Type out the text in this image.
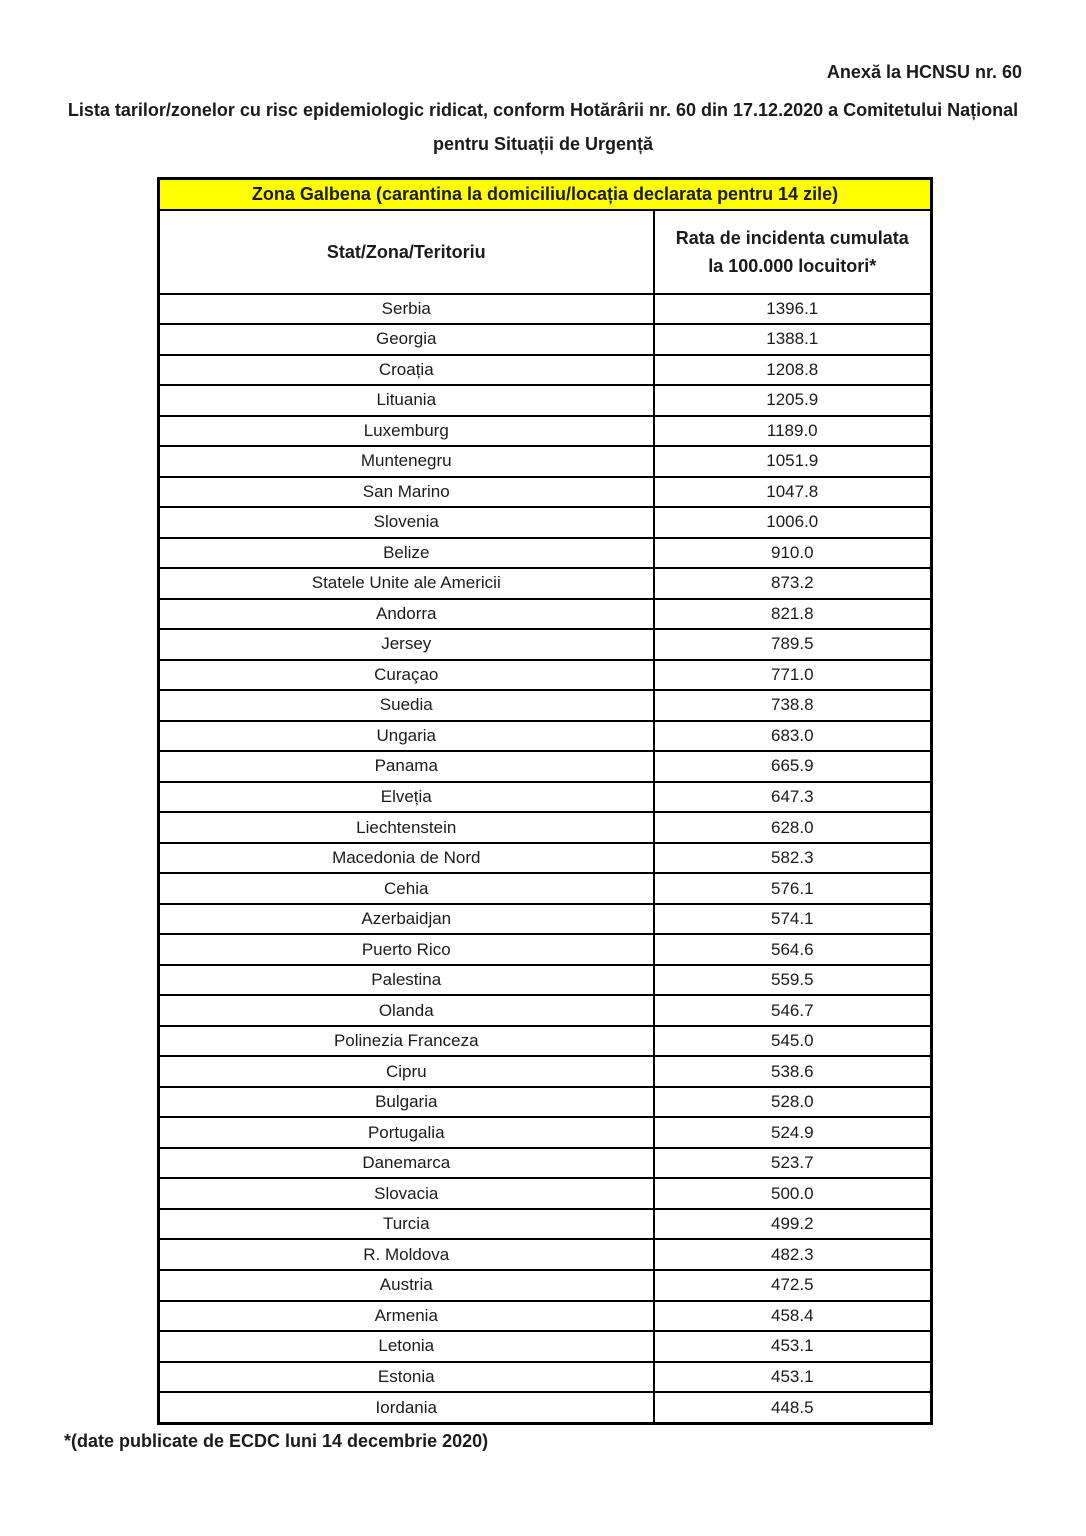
Anexă la HCNSU nr. 60
Lista tarilor/zonelor cu risc epidemiologic ridicat, conform Hotărârii nr. 60 din 17.12.2020 a Comitetului Național
pentru Situații de Urgență
Zona Galbena (carantina la domiciliu/locația declarata pentru 14 zile)	
Stat/Zona/Teritoriu	Rata de incidenta cumulata la 100.000 locuitori*
Serbia	1396.1
Georgia	1388.1
Croația	1208.8
Lituania	1205.9
Luxemburg	1189.0
Muntenegru	1051.9
San Marino	1047.8
Slovenia	1006.0
Belize	910.0
Statele Unite ale Americii	873.2
Andorra	821.8
Jersey	789.5
Curaçao	771.0
Suedia	738.8
Ungaria	683.0
Panama	665.9
Elveția	647.3
Liechtenstein	628.0
Macedonia de Nord	582.3
Cehia	576.1
Azerbaidjan	574.1
Puerto Rico	564.6
Palestina	559.5
Olanda	546.7
Polinezia Franceza	545.0
Cipru	538.6
Bulgaria	528.0
Portugalia	524.9
Danemarca	523.7
Slovacia	500.0
Turcia	499.2
R. Moldova	482.3
Austria	472.5
Armenia	458.4
Letonia	453.1
Estonia	453.1
Iordania	448.5
*(date publicate de ECDC luni 14 decembrie 2020)
